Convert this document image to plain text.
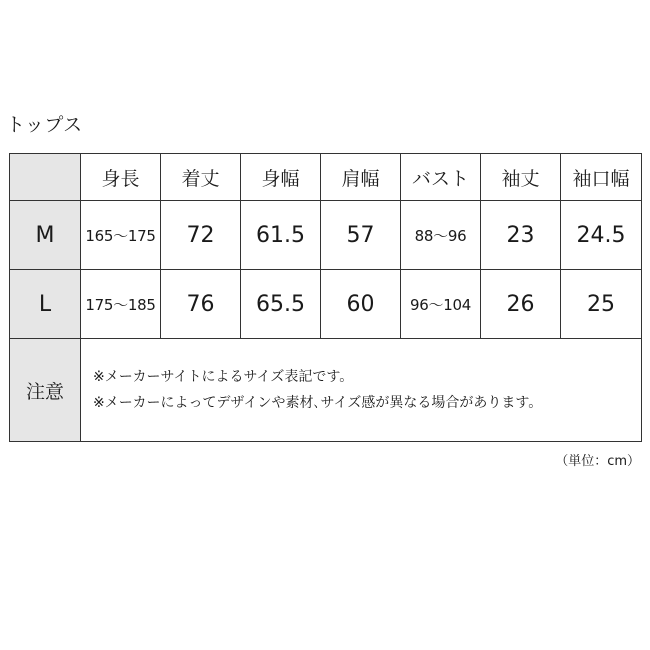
トップス
	身長	着丈	身幅	肩幅	バスト	袖丈	袖口幅
M	165〜175	72	61.5	57	88〜96	23	24.5
L	175〜185	76	65.5	60	96〜104	26	25
注意	※メーカーサイトによるサイズ表記です。
※メーカーによってデザインや素材､サイズ感が異なる場合があります。						
（単位：cm）
